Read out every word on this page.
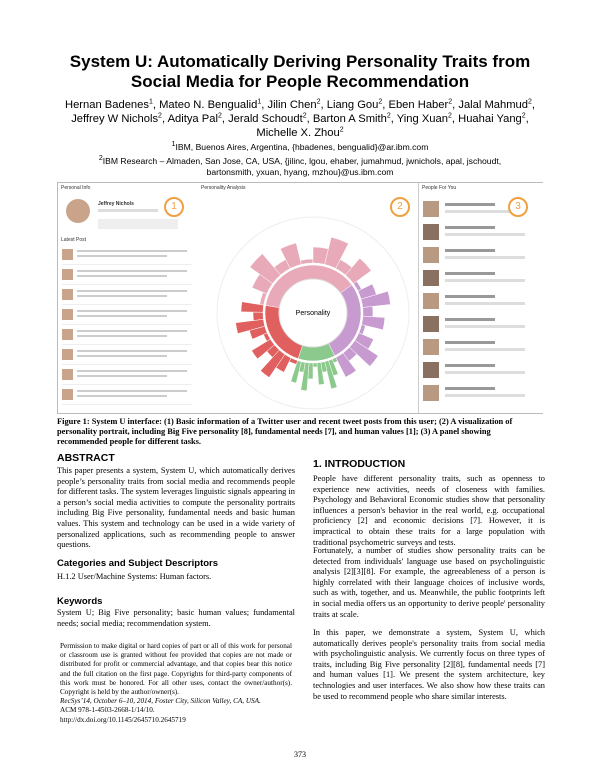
System U: Automatically Deriving Personality Traits from
Social Media for People Recommendation
Hernan Badenes$^1$, Mateo N. Bengualid$^1$, Jilin Chen$^2$, Liang Gou$^2$, Eben Haber$^2$, Jalal Mahmud$^2$,
Jeffrey W Nichols$^2$, Aditya Pal$^2$, Jerald Schoudt$^2$, Barton A Smith$^2$, Ying Xuan$^2$, Huahai Yang$^2$,
Michelle X. Zhou$^2$
$^1$IBM, Buenos Aires, Argentina, {hbadenes, bengualid}@ar.ibm.com
$^2$IBM Research – Almaden, San Jose, CA, USA, {jilinc, lgou, ehaber, jumahmud, jwnichols, apal, jschoudt,
bartonsmith, yxuan, hyang, mzhou}@us.ibm.com
Personal Info
Jeffrey Nichols
Latest Post
Personality Analysis
Personality
People For You
1	2	3
Figure 1: System U interface: (1) Basic information of a Twitter user and recent tweet posts from this user; (2) A visualization of personality portrait, including Big Five personality [8], fundamental needs [7], and human values [1]; (3) A panel showing recommended people for different tasks.
ABSTRACT
This paper presents a system, System U, which automatically derives people’s personality traits from social media and recommends people for different tasks. The system leverages linguistic signals appearing in a person’s social media activities to compute the personality portraits including Big Five personality, fundamental needs and basic human values. This system and technology can be used in a wide variety of personalized applications, such as recommending people to answer questions.
Categories and Subject Descriptors
H.1.2 User/Machine Systems: Human factors.
Keywords
System U; Big Five personality; basic human values; fundamental needs; social media; recommendation system.
Permission to make digital or hard copies of part or all of this work for personal or classroom use is granted without fee provided that copies are not made or distributed for profit or commercial advantage, and that copies bear this notice and the full citation on the first page. Copyrights for third-party components of this work must be honored. For all other uses, contact the owner/author(s). Copyright is held by the author/owner(s).
RecSys’14, October 6–10, 2014, Foster City, Silicon Valley, CA, USA.
ACM 978-1-4503-2668-1/14/10.
http://dx.doi.org/10.1145/2645710.2645719
1. INTRODUCTION
People have different personality traits, such as openness to experience new activities, needs of closeness with families. Psychology and Behavioral Economic studies show that personality influences a person's behavior in the real world, e.g. occupational proficiency [2] and economic decisions [7]. However, it is impractical to obtain these traits for a large population with traditional psychometric surveys and tests.
Fortunately, a number of studies show personality traits can be detected from individuals' language use based on psycholinguistic analysis [2][3][8]. For example, the agreeableness of a person is highly correlated with their language choices of inclusive words, such as with, together, and us. Meanwhile, the public footprints left in social media offers us an opportunity to derive people' personality traits at scale.
In this paper, we demonstrate a system, System U, which automatically derives people's personality traits from social media with psycholinguistic analysis. We currently focus on three types of traits, including Big Five personality [2][8], fundamental needs [7] and human values [1]. We present the system architecture, key technologies and user interfaces. We also show how these traits can be used to recommend people who share similar interests.
373
